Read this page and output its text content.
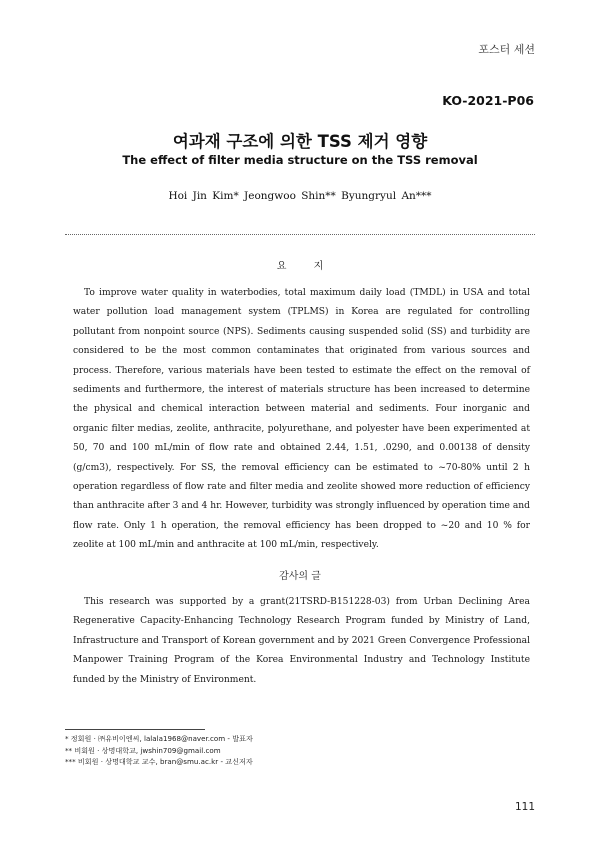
포스터 세션
KO-2021-P06
여과재 구조에 의한 TSS 제거 영향
The effect of filter media structure on the TSS removal
Hoi Jin Kim* Jeongwoo Shin** Byungryul An***
요 지
To improve water quality in waterbodies, total maximum daily load (TMDL) in USA and total water pollution load management system (TPLMS) in Korea are regulated for controlling pollutant from nonpoint source (NPS). Sediments causing suspended solid (SS) and turbidity are considered to be the most common contaminates that originated from various sources and process. Therefore, various materials have been tested to estimate the effect on the removal of sediments and furthermore, the interest of materials structure has been increased to determine the physical and chemical interaction between material and sediments. Four inorganic and organic filter medias, zeolite, anthracite, polyurethane, and polyester have been experimented at 50, 70 and 100 mL/min of flow rate and obtained 2.44, 1.51, .0290, and 0.00138 of density (g/cm3), respectively. For SS, the removal efficiency can be estimated to ~70-80% until 2 h operation regardless of flow rate and filter media and zeolite showed more reduction of efficiency than anthracite after 3 and 4 hr. However, turbidity was strongly influenced by operation time and flow rate. Only 1 h operation, the removal efficiency has been dropped to ~20 and 10 % for zeolite at 100 mL/min and anthracite at 100 mL/min, respectively.
감사의 글
This research was supported by a grant(21TSRD-B151228-03) from Urban Declining Area Regenerative Capacity-Enhancing Technology Research Program funded by Ministry of Land, Infrastructure and Transport of Korean government and by 2021 Green Convergence Professional Manpower Training Program of the Korea Environmental Industry and Technology Institute funded by the Ministry of Environment.
* 정회원 · ㈜유비이엔씨, lalala1968@naver.com - 발표자
** 비회원 · 상명대학교, jwshin709@gmail.com
*** 비회원 · 상명대학교 교수, bran@smu.ac.kr - 교신저자
111
